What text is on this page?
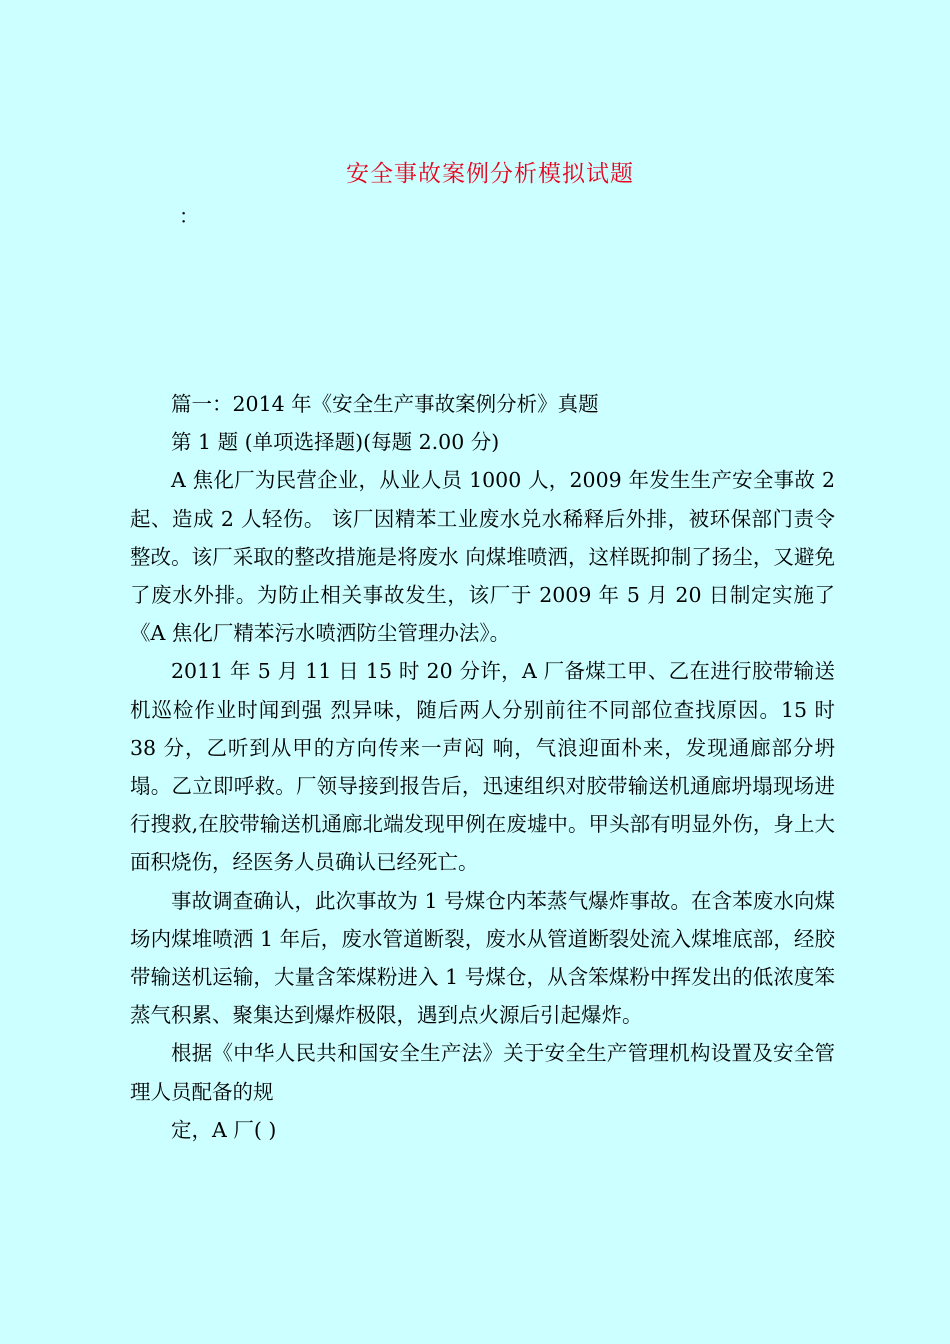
安全事故案例分析模拟试题
：
篇一：2014 年《安全生产事故案例分析》真题
第 1 题 (单项选择题)(每题 2.00 分)

A 焦化厂为民营企业，从业人员 1000 人，2009 年发生生产安全事故 2 起、造成 2 人轻伤。 该厂因精苯工业废水兑水稀释后外排，被环保部门责令整改。该厂采取的整改措施是将废水 向煤堆喷洒，这样既抑制了扬尘，又避免了废水外排。为防止相关事故发生，该厂于 2009 年 5 月 20 日制定实施了《A 焦化厂精苯污水喷洒防尘管理办法》。

2011 年 5 月 11 日 15 时 20 分许，A 厂备煤工甲、乙在进行胶带输送机巡检作业时闻到强 烈异味，随后两人分别前往不同部位查找原因。15 时 38 分，乙听到从甲的方向传来一声闷 响，气浪迎面朴来，发现通廊部分坍塌。乙立即呼救。厂领导接到报告后，迅速组织对胶带输送机通廊坍塌现场进行搜救,在胶带输送机通廊北端发现甲例在废墟中。甲头部有明显外伤，身上大面积烧伤，经医务人员确认已经死亡。

事故调查确认，此次事故为 1 号煤仓内苯蒸气爆炸事故。在含苯废水向煤场内煤堆喷洒 1 年后，废水管道断裂，废水从管道断裂处流入煤堆底部，经胶带输送机运输，大量含笨煤粉进入 1 号煤仓，从含笨煤粉中挥发出的低浓度笨蒸气积累、聚集达到爆炸极限，遇到点火源后引起爆炸。

根据《中华人民共和国安全生产法》关于安全生产管理机构设置及安全管理人员配备的规

定，A 厂( )
